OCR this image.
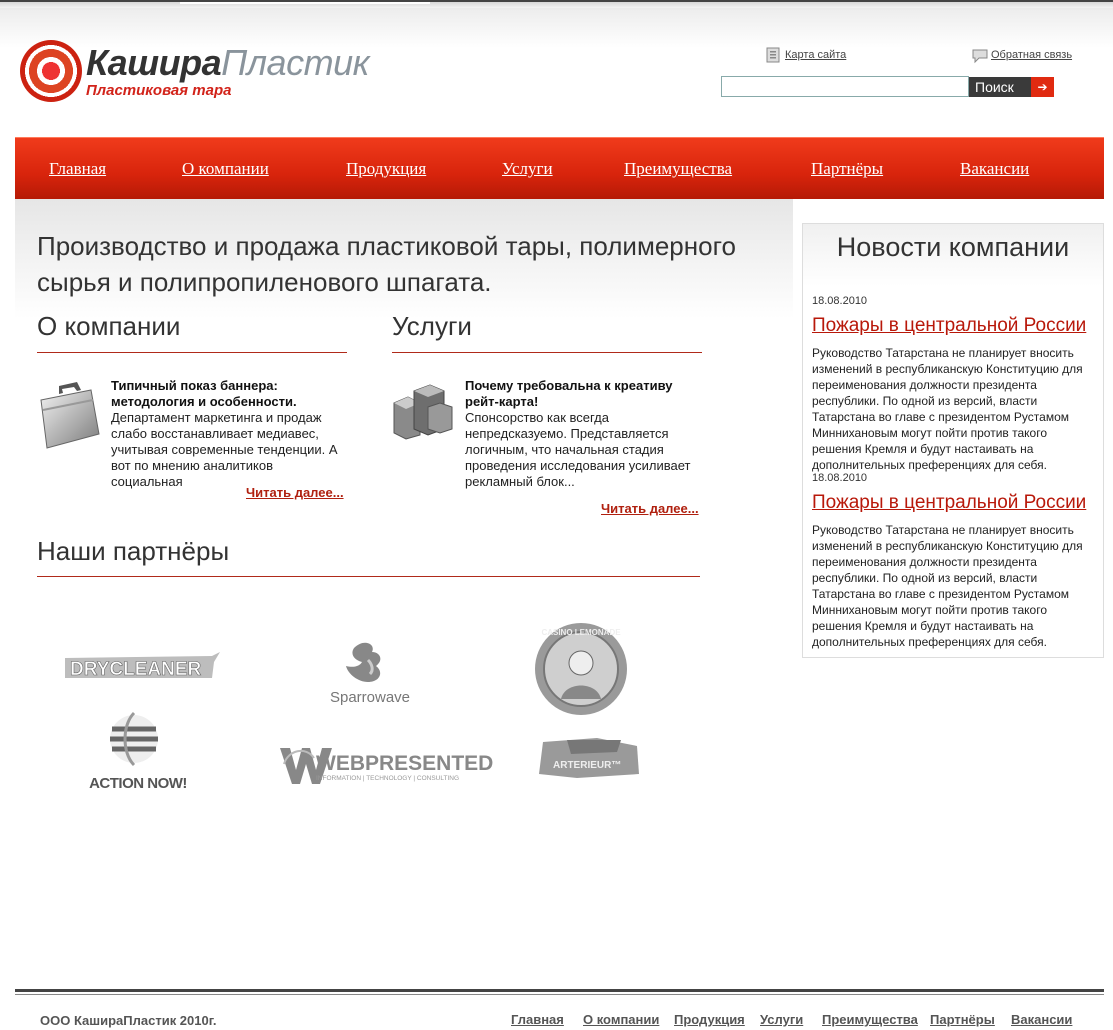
КашираПластик
Пластиковая тара
Карта сайта	Обратная связь
Поиск	➔
Главная	О компании	Продукция	Услуги	Преимущества	Партнёры	Вакансии
Производство и продажа пластиковой тары, полимерного сырья и полипропиленового шпагата.
О компании
Типичный показ баннера: методология и особенности.
Департамент маркетинга и продаж слабо восстанавливает медиавес, учитывая современные тенденции. А вот по мнению аналитиков социальная
Читать далее...
Услуги
Почему требовальна к креативу рейт-карта!
Спонсорство как всегда непредсказуемо. Представляется логичным, что начальная стадия проведения исследования усиливает рекламный блок...
Читать далее...
Наши партнёры
DRYCLEANER
Sparrowave
CASINO LEMONADE
ACTION NOW!
WEBPRESENTED
INFORMATION | TECHNOLOGY | CONSULTING
ARTERIEUR™
Новости компании
18.08.2010
Пожары в центральной России
Руководство Татарстана не планирует вносить изменений в республиканскую Конституцию для переименования должности президента республики. По одной из версий, власти Татарстана во главе с президентом Рустамом Миннихановым могут пойти против такого решения Кремля и будут настаивать на дополнительных преференциях для себя.
18.08.2010
Пожары в центральной России
Руководство Татарстана не планирует вносить изменений в республиканскую Конституцию для переименования должности президента республики. По одной из версий, власти Татарстана во главе с президентом Рустамом Миннихановым могут пойти против такого решения Кремля и будут настаивать на дополнительных преференциях для себя.
ООО КашираПластик 2010г.	Главная О компании Продукция Услуги Преимущества Партнёры Вакансии
